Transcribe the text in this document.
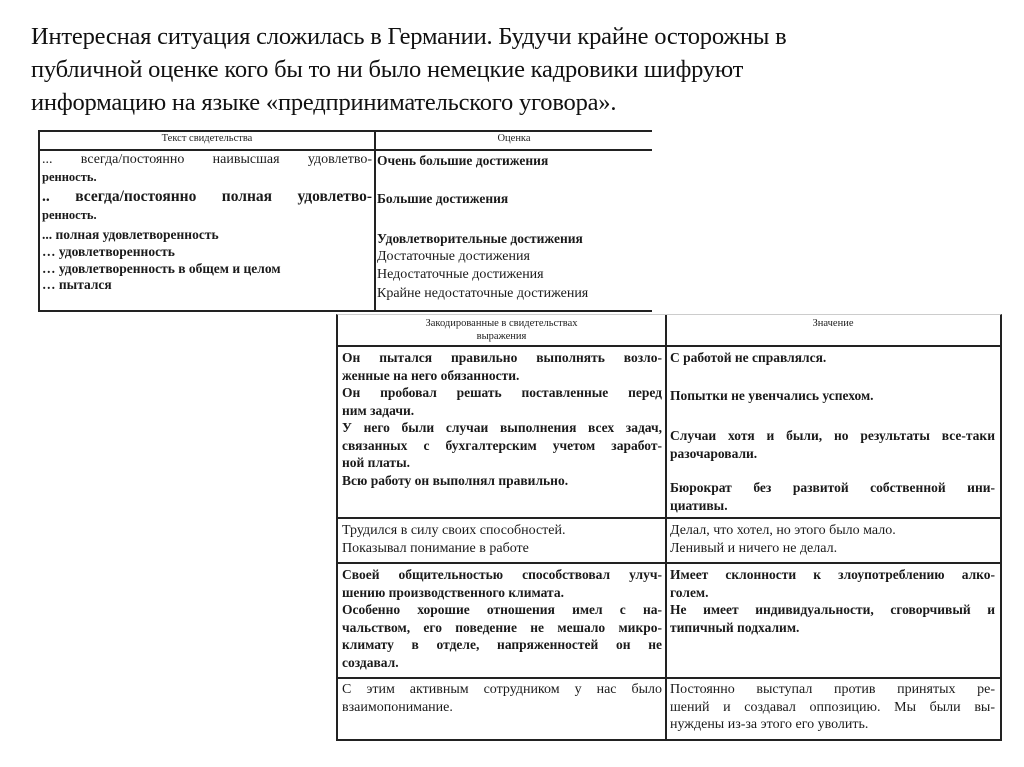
Интересная ситуация сложилась в Германии. Будучи крайне осторожны в
публичной оценке кого бы то ни было немецкие кадровики шифруют
информацию на языке «предпринимательского уговора».
Текст свидетельства	Оценка
... всегда/постоянно наивысшая удовлетво-
ренность.
.. всегда/постоянно полная удовлетво-
ренность.
... полная удовлетворенность
… удовлетворенность
… удовлетворенность в общем и целом
… пытался
Очень большие достижения
Большие достижения
Удовлетворительные достижения
Достаточные достижения
Недостаточные достижения
Крайне недостаточные достижения
Закодированные в свидетельствах
выражения
Значение

Он пытался правильно выполнять возло-
женные на него обязанности.

Он пробовал решать поставленные перед
ним задачи.

У него были случаи выполнения всех задач,
связанных с бухгалтерским учетом заработ-
ной платы.

Всю работу он выполнял правильно.

С работой не справлялся.

Попытки не увенчались успехом.

Случаи хотя и были, но результаты все-таки
разочаровали.

Бюрократ без развитой собственной ини-
циативы.

Трудился в силу своих способностей.
Показывал понимание в работе
Делал, что хотел, но этого было мало.
Ленивый и ничего не делал.

Своей общительностью способствовал улуч-
шению производственного климата.

Особенно хорошие отношения имел с на-
чальством, его поведение не мешало микро-
климату в отделе, напряженностей он не
создавал.

Имеет склонности к злоупотреблению алко-
голем.

Не имеет индивидуальности, сговорчивый и
типичный подхалим.

С этим активным сотрудником у нас было
взаимопонимание.
Постоянно выступал против принятых ре-
шений и создавал оппозицию. Мы были вы-
нуждены из-за этого его уволить.
